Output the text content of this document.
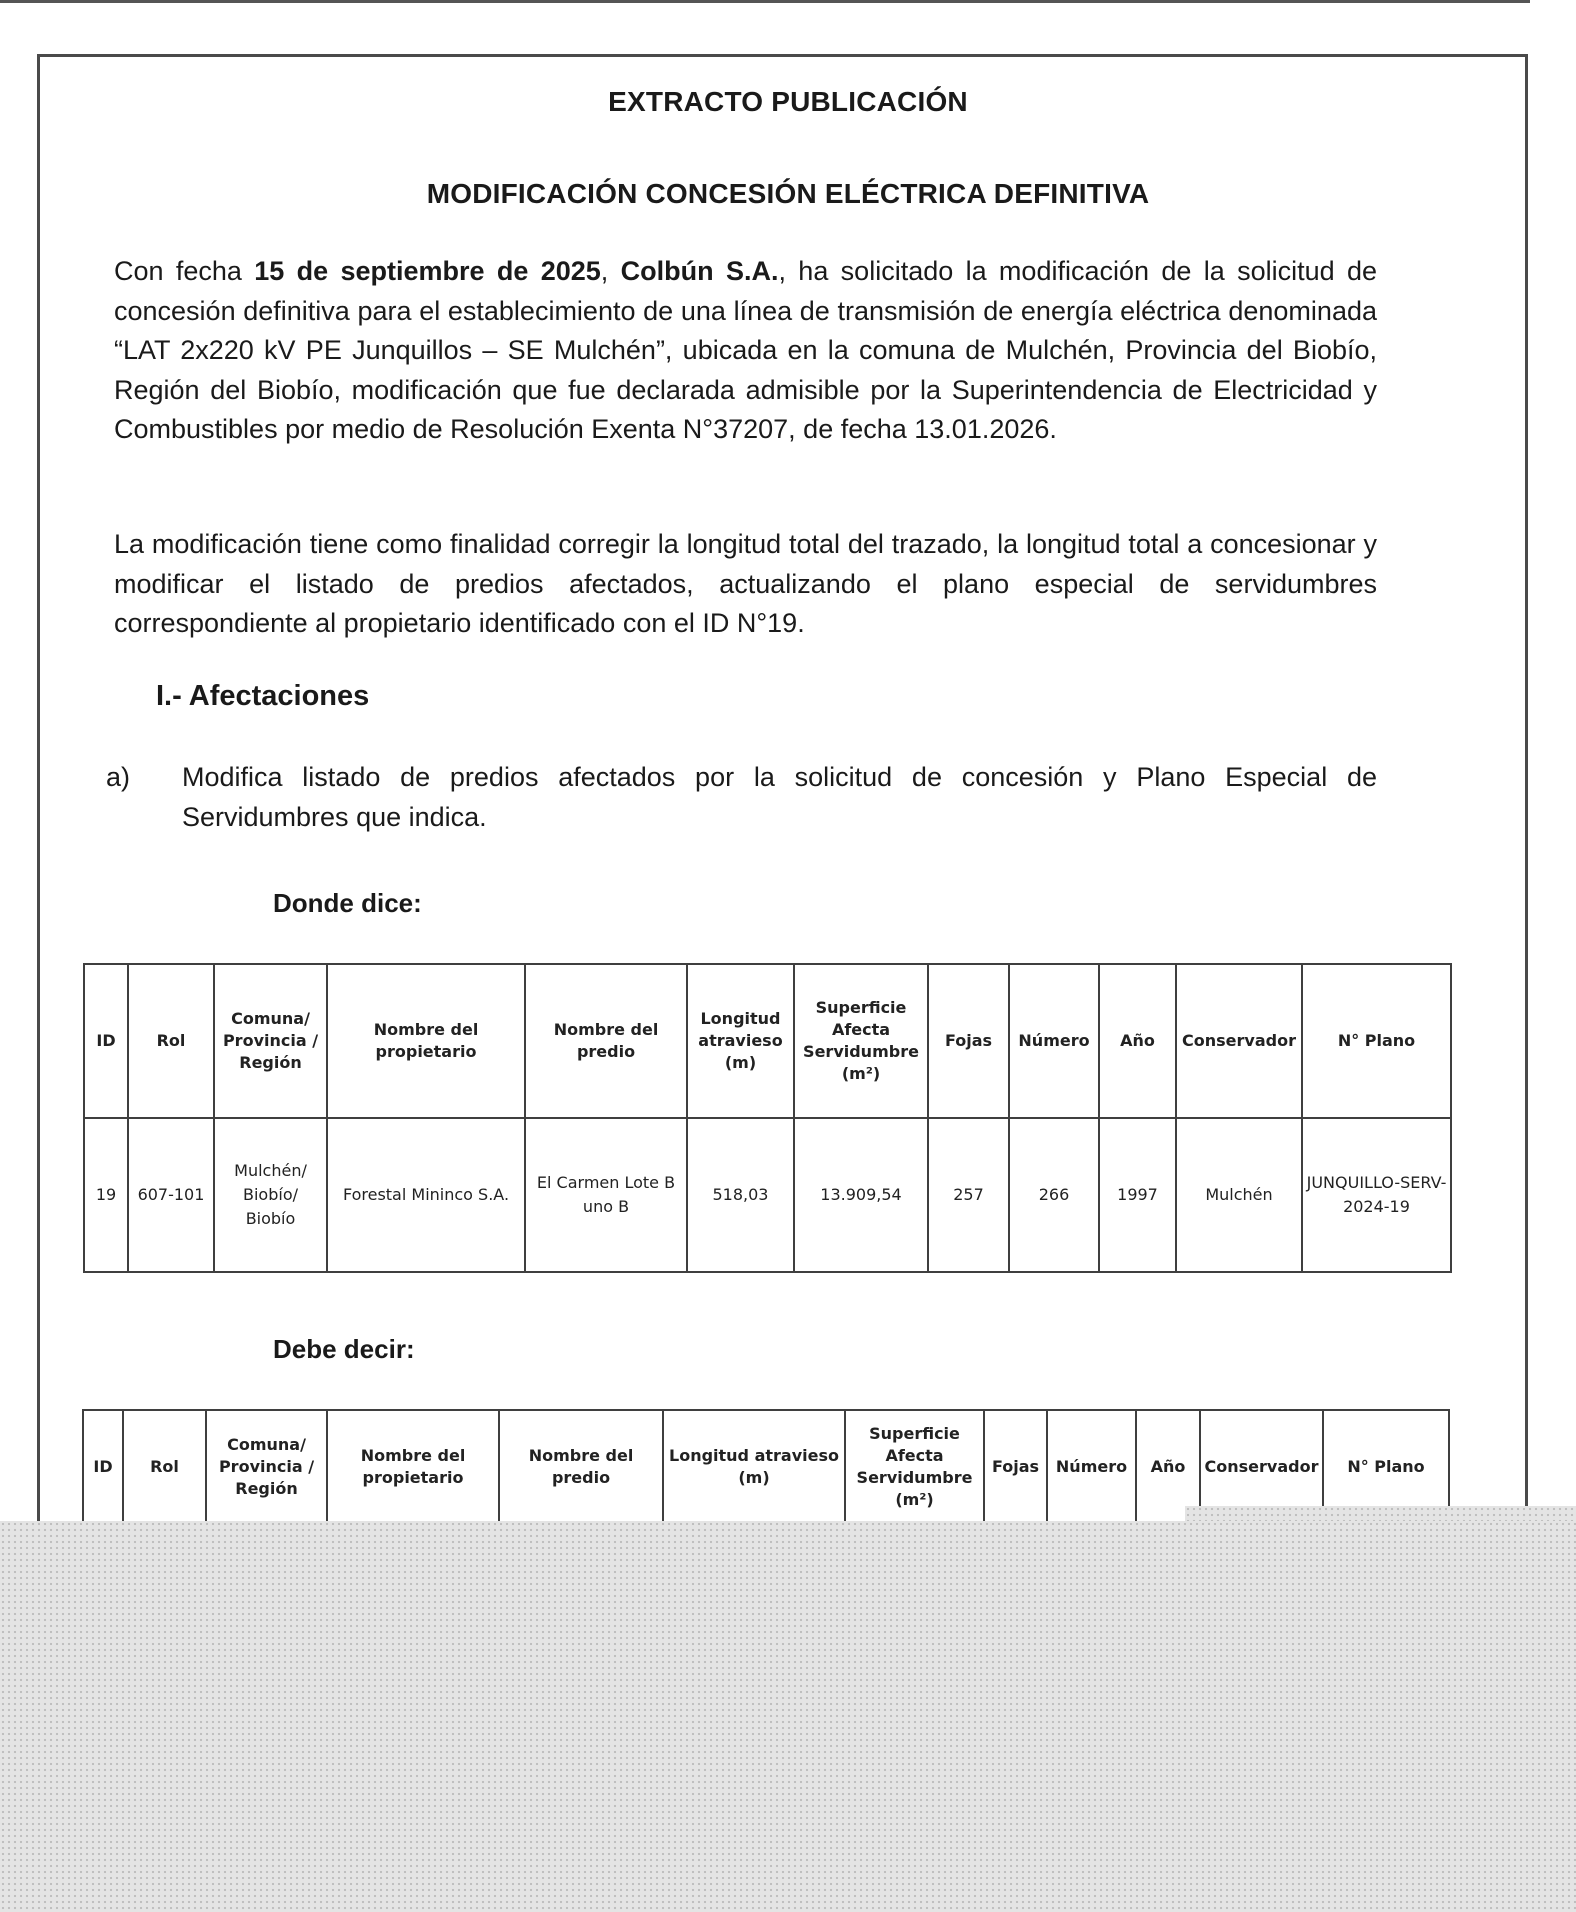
EXTRACTO PUBLICACIÓN
MODIFICACIÓN CONCESIÓN ELÉCTRICA DEFINITIVA

Con fecha 15 de septiembre de 2025, Colbún S.A., ha solicitado la modificación de la solicitud de concesión definitiva para el establecimiento de una línea de transmisión de energía eléctrica denominada “LAT 2x220 kV PE Junquillos – SE Mulchén”, ubicada en la comuna de Mulchén, Provincia del Biobío, Región del Biobío, modificación que fue declarada admisible por la Superintendencia de Electricidad y Combustibles por medio de Resolución Exenta N°37207, de fecha 13.01.2026.

La modificación tiene como finalidad corregir la longitud total del trazado, la longitud total a concesionar y modificar el listado de predios afectados, actualizando el plano especial de servidumbres correspondiente al propietario identificado con el ID N°19.

I.- Afectaciones
a) Modifica listado de predios afectados por la solicitud de concesión y Plano Especial de Servidumbres que indica.
Donde dice:
ID	Rol	Comuna/ Provincia / Región	Nombre del propietario	Nombre del predio	Longitud atravieso (m)	Superficie Afecta Servidumbre (m²)	Fojas	Número	Año	Conservador	N° Plano
19	607-101	Mulchén/ Biobío/ Biobío	Forestal Mininco S.A.	El Carmen Lote B uno B	518,03	13.909,54	257	266	1997	Mulchén	JUNQUILLO-SERV-2024-19
Debe decir:
ID	Rol	Comuna/ Provincia / Región	Nombre del propietario	Nombre del predio	Longitud atravieso (m)	Superficie Afecta Servidumbre (m²)	Fojas	Número	Año	Conservador	N° Plano
